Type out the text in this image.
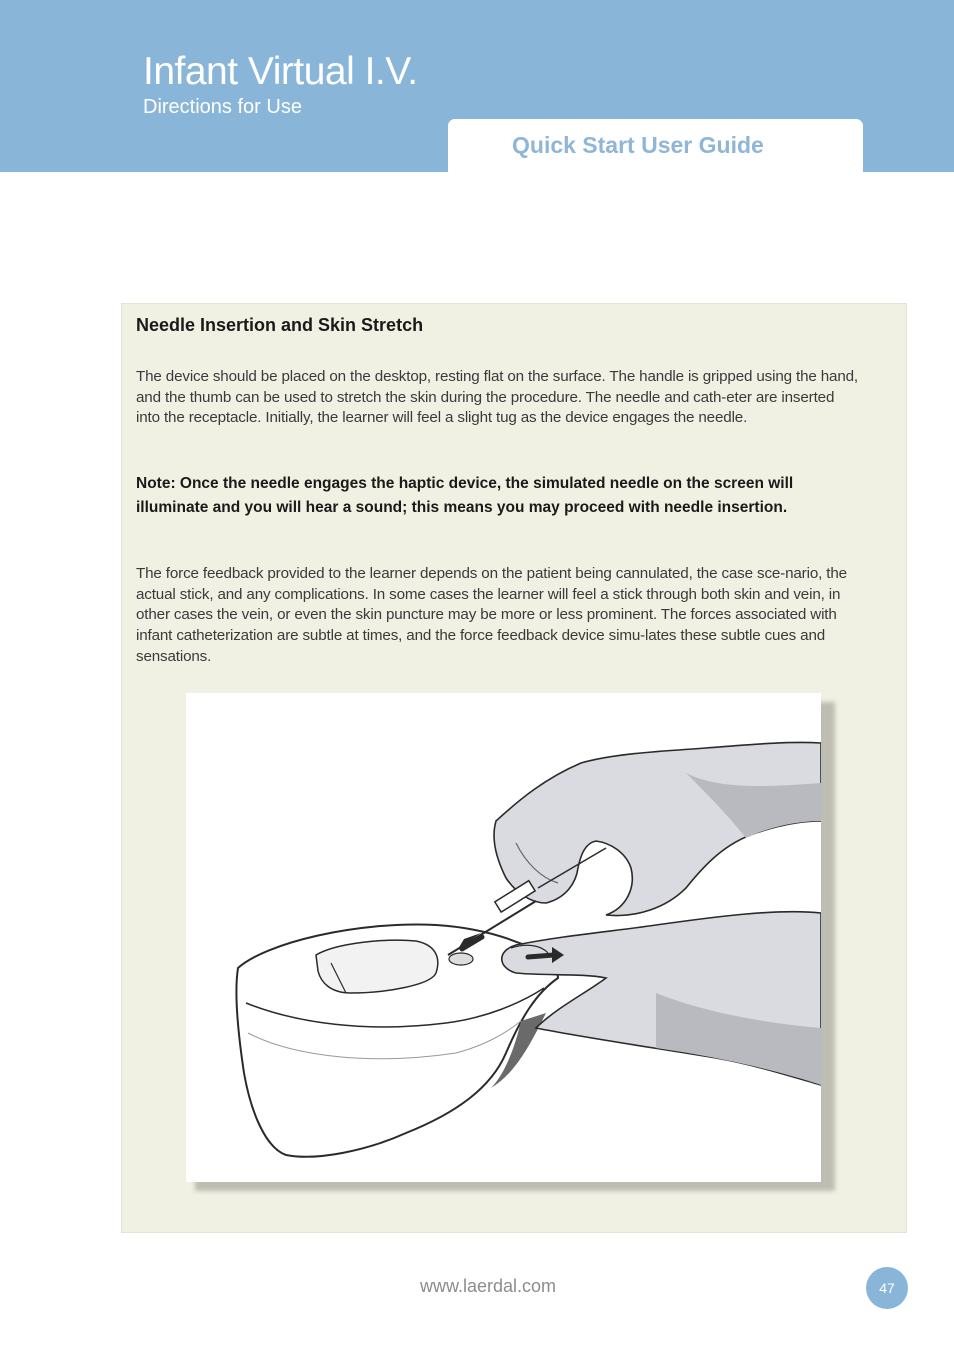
Infant Virtual I.V.
Directions for Use
Quick Start User Guide
Needle Insertion and Skin Stretch

The device should be placed on the desktop, resting flat on the surface. The handle is gripped using the hand, and the thumb can be used to stretch the skin during the procedure. The needle and cath-eter are inserted into the receptacle. Initially, the learner will feel a slight tug as the device engages the needle.

Note: Once the needle engages the haptic device, the simulated needle on the screen will illuminate and you will hear a sound; this means you may proceed with needle insertion.

The force feedback provided to the learner depends on the patient being cannulated, the case sce-nario, the actual stick, and any complications. In some cases the learner will feel a stick through both skin and vein, in other cases the vein, or even the skin puncture may be more or less prominent. The forces associated with infant catheterization are subtle at times, and the force feedback device simu-lates these subtle cues and sensations.

www.laerdal.com	47
